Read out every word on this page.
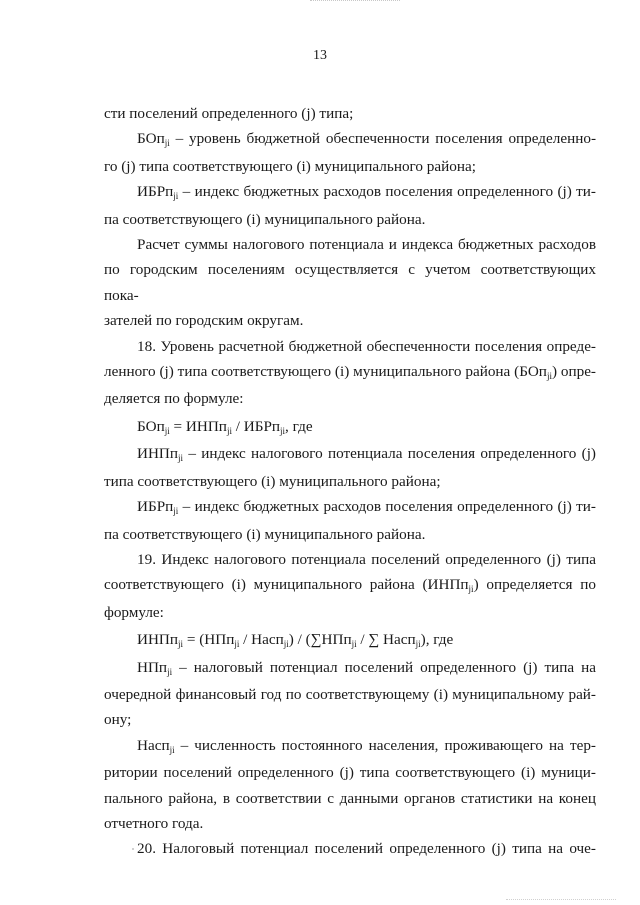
13

сти поселений определенного (j) типа;

БОп$_{ji}$ – уровень бюджетной обеспеченности поселения определенно-

го (j) типа соответствующего (i) муниципального района;

ИБРп$_{ji}$ – индекс бюджетных расходов поселения определенного (j) ти-

па соответствующего (i) муниципального района.

Расчет суммы налогового потенциала и индекса бюджетных расходов

по городским поселениям осуществляется с учетом соответствующих пока-

зателей по городским округам.

18. Уровень расчетной бюджетной обеспеченности поселения опреде-

ленного (j) типа соответствующего (i) муниципального района (БОп$_{ji}$) опре-

деляется по формуле:

БОп$_{ji}$ = ИНПп$_{ji}$ / ИБРп$_{ji}$, где

ИНПп$_{ji}$ – индекс налогового потенциала поселения определенного (j)

типа соответствующего (i) муниципального района;

ИБРп$_{ji}$ – индекс бюджетных расходов поселения определенного (j) ти-

па соответствующего (i) муниципального района.

19. Индекс налогового потенциала поселений определенного (j) типа

соответствующего (i) муниципального района (ИНПп$_{ji}$) определяется по

формуле:

ИНПп$_{ji}$ = (НПп$_{ji}$ / Насп$_{ji}$) / (∑НПп$_{ji}$ / ∑ Насп$_{ji}$), где

НПп$_{ji}$ – налоговый потенциал поселений определенного (j) типа на

очередной финансовый год по соответствующему (i) муниципальному рай-

ону;

Насп$_{ji}$ – численность постоянного населения, проживающего на тер-

ритории поселений определенного (j) типа соответствующего (i) муници-

пального района, в соответствии с данными органов статистики на конец

отчетного года.

20. Налоговый потенциал поселений определенного (j) типа на оче-
